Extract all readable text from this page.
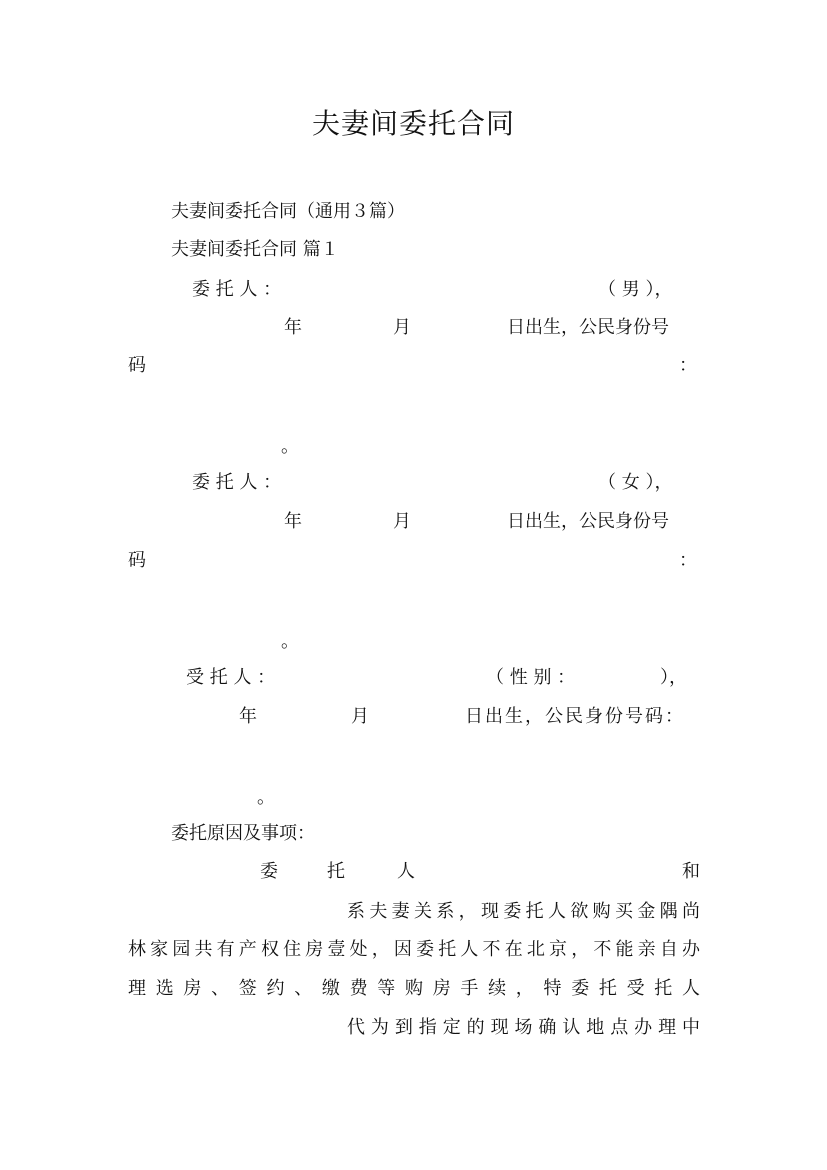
夫妻间委托合同

夫妻间委托合同（通用３篇）

夫妻间委托合同 篇１

委 托 人 ：	（ 男 ），
年	月	日出生，公民身份号
码	：
。
委 托 人 ：	（ 女 ），
年	月	日出生，公民身份号
码	：
。
受 托 人 ：	（ 性 别 ：	），
年	月	日出生，公民身份号码：
。

委托原因及事项：

委	托	人	和

系夫妻关系，现委托人欲购买金隅尚

林家园共有产权住房壹处，因委托人不在北京，不能亲自办

理选房、签约、缴费等购房手续，特委托受托人

代为到指定的现场确认地点办理中
